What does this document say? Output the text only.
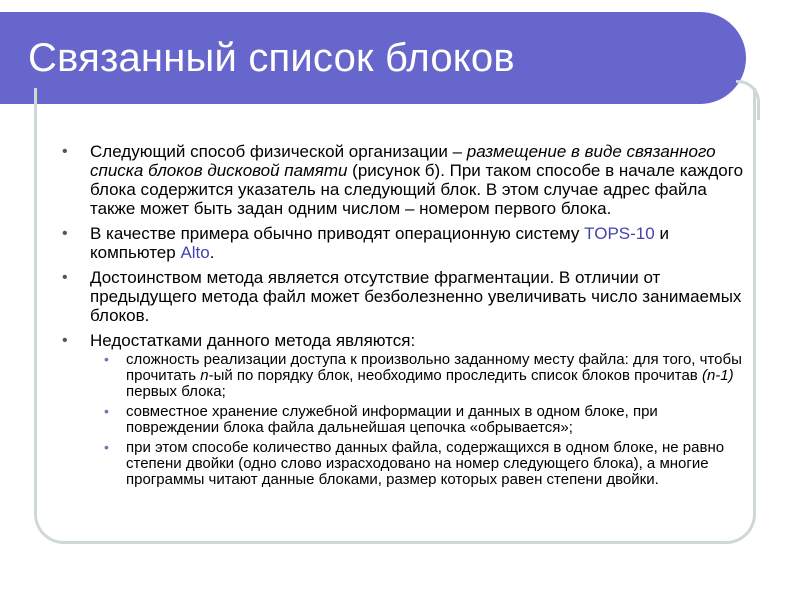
Связанный список блоков
• Следующий способ физической организации – размещение в виде связанного списка блоков дисковой памяти (рисунок б). При таком способе в начале каждого блока содержится указатель на следующий блок. В этом случае адрес файла также может быть задан одним числом – номером первого блока.
• В качестве примера обычно приводят операционную систему TOPS-10 и компьютер Alto.
• Достоинством метода является отсутствие фрагментации. В отличии от предыдущего метода файл может безболезненно увеличивать число занимаемых блоков.
• Недостатками данного метода являются:
• сложность реализации доступа к произвольно заданному месту файла: для того, чтобы прочитать n-ый по порядку блок, необходимо проследить список блоков прочитав (n-1) первых блока;
• совместное хранение служебной информации и данных в одном блоке, при повреждении блока файла дальнейшая цепочка «обрывается»;
• при этом способе количество данных файла, содержащихся в одном блоке, не равно степени двойки (одно слово израсходовано на номер следующего блока), а многие программы читают данные блоками, размер которых равен степени двойки.
